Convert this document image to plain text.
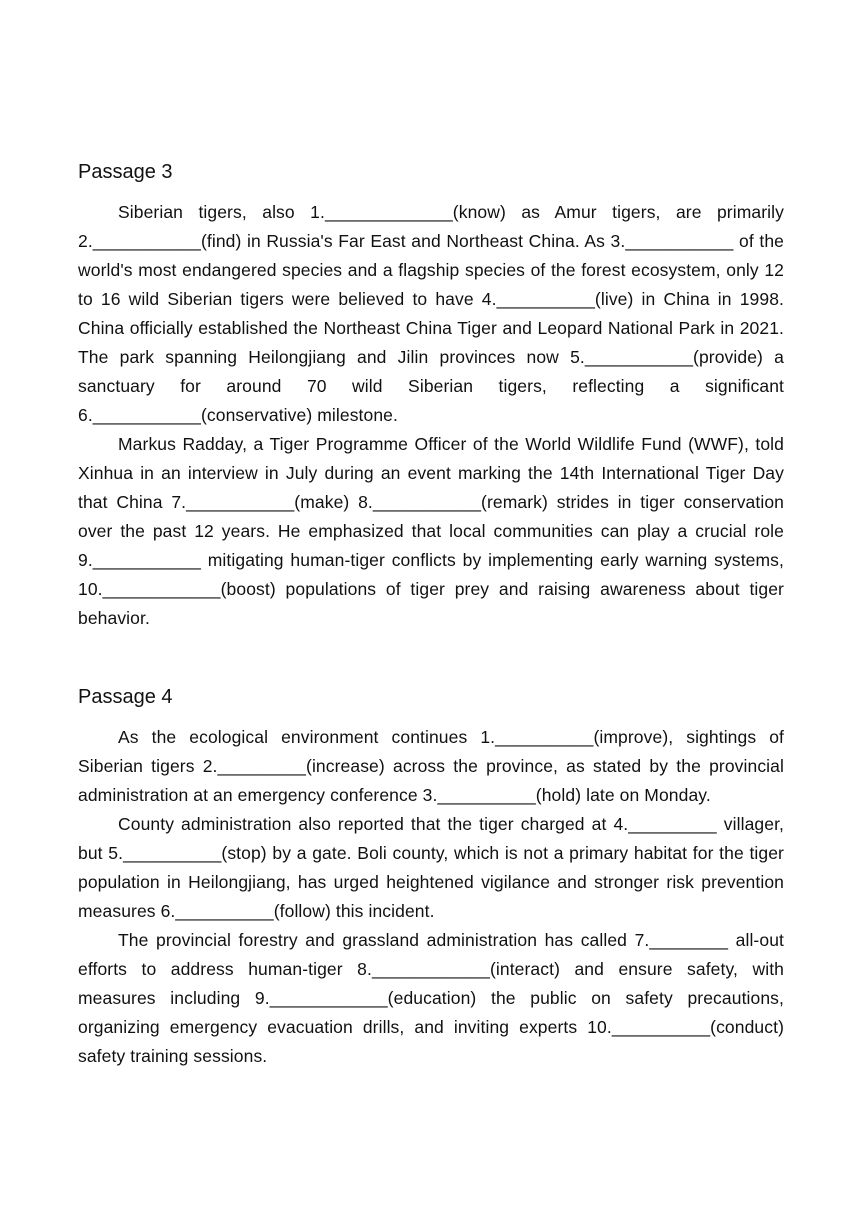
Passage 3

Siberian tigers, also 1._____________(know) as Amur tigers, are primarily 2.___________(find) in Russia's Far East and Northeast China. As 3.___________ of the world's most endangered species and a flagship species of the forest ecosystem, only 12 to 16 wild Siberian tigers were believed to have 4.__________(live) in China in 1998. China officially established the Northeast China Tiger and Leopard National Park in 2021. The park spanning Heilongjiang and Jilin provinces now 5.___________(provide) a sanctuary for around 70 wild Siberian tigers, reflecting a significant 6.___________(conservative) milestone.

Markus Radday, a Tiger Programme Officer of the World Wildlife Fund (WWF), told Xinhua in an interview in July during an event marking the 14th International Tiger Day that China 7.___________(make) 8.___________(remark) strides in tiger conservation over the past 12 years. He emphasized that local communities can play a crucial role 9.___________ mitigating human-tiger conflicts by implementing early warning systems, 10.____________(boost) populations of tiger prey and raising awareness about tiger behavior.

Passage 4

As the ecological environment continues 1.__________(improve), sightings of Siberian tigers 2._________(increase) across the province, as stated by the provincial administration at an emergency conference 3.__________(hold) late on Monday.

County administration also reported that the tiger charged at 4._________ villager, but 5.__________(stop) by a gate. Boli county, which is not a primary habitat for the tiger population in Heilongjiang, has urged heightened vigilance and stronger risk prevention measures 6.__________(follow) this incident.

The provincial forestry and grassland administration has called 7.________ all-out efforts to address human-tiger 8.____________(interact) and ensure safety, with measures including 9.____________(education) the public on safety precautions, organizing emergency evacuation drills, and inviting experts 10.__________(conduct) safety training sessions.
